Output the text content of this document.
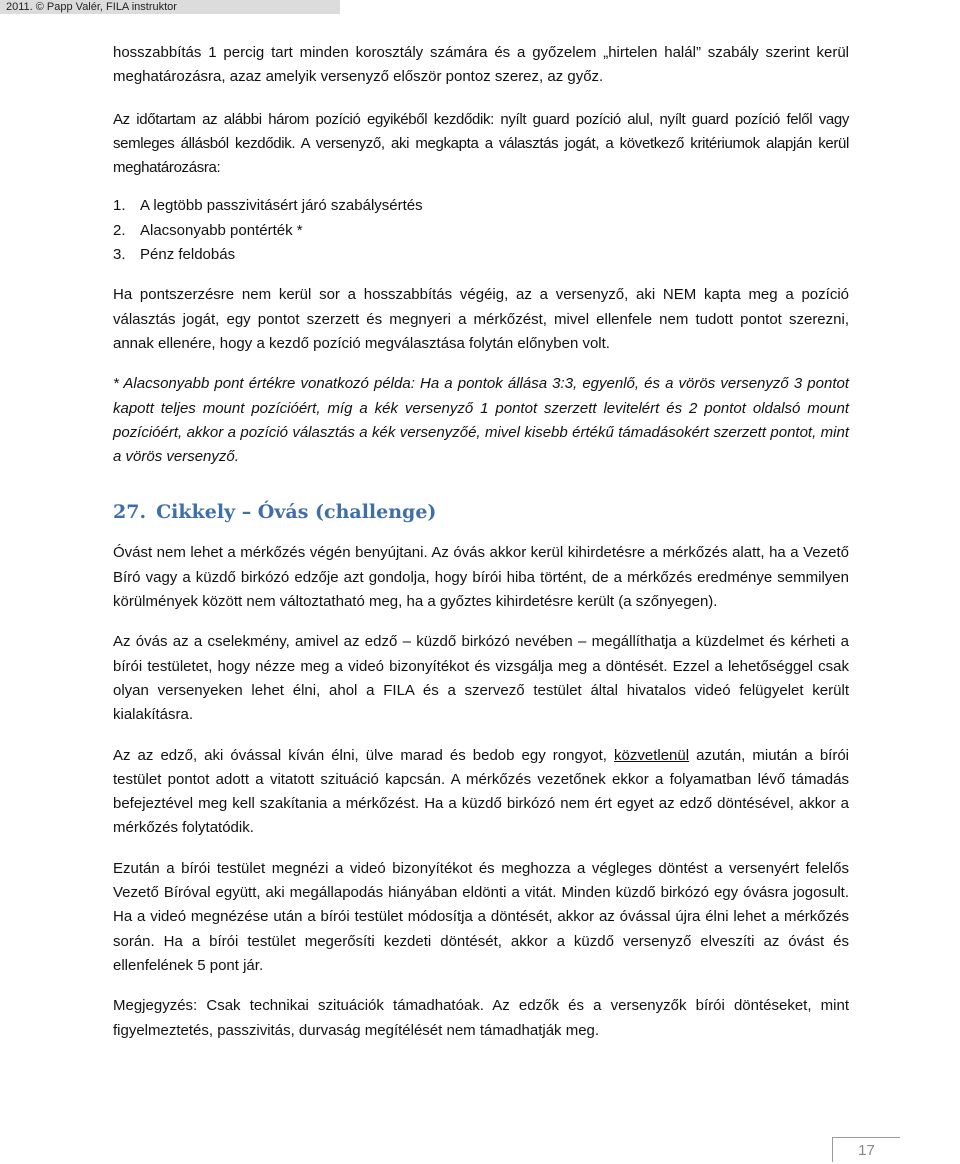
2011. © Papp Valér, FILA instruktor

hosszabbítás 1 percig tart minden korosztály számára és a győzelem „hirtelen halál” szabály szerint kerül meghatározásra, azaz amelyik versenyző először pontoz szerez, az győz.

Az időtartam az alábbi három pozíció egyikéből kezdődik: nyílt guard pozíció alul, nyílt guard pozíció felől vagy semleges állásból kezdődik. A versenyző, aki megkapta a választás jogát, a következő kritériumok alapján kerül meghatározásra:

1. A legtöbb passzivitásért járó szabálysértés
2. Alacsonyabb pontérték *
3. Pénz feldobás

Ha pontszerzésre nem kerül sor a hosszabbítás végéig, az a versenyző, aki NEM kapta meg a pozíció választás jogát, egy pontot szerzett és megnyeri a mérkőzést, mivel ellenfele nem tudott pontot szerezni, annak ellenére, hogy a kezdő pozíció megválasztása folytán előnyben volt.

* Alacsonyabb pont értékre vonatkozó példa: Ha a pontok állása 3:3, egyenlő, és a vörös versenyző 3 pontot kapott teljes mount pozícióért, míg a kék versenyző 1 pontot szerzett levitelért és 2 pontot oldalsó mount pozícióért, akkor a pozíció választás a kék versenyzőé, mivel kisebb értékű támadásokért szerzett pontot, mint a vörös versenyző.

27. Cikkely – Óvás (challenge)

Óvást nem lehet a mérkőzés végén benyújtani. Az óvás akkor kerül kihirdetésre a mérkőzés alatt, ha a Vezető Bíró vagy a küzdő birkózó edzője azt gondolja, hogy bírói hiba történt, de a mérkőzés eredménye semmilyen körülmények között nem változtatható meg, ha a győztes kihirdetésre került (a szőnyegen).

Az óvás az a cselekmény, amivel az edző – küzdő birkózó nevében – megállíthatja a küzdelmet és kérheti a bírói testületet, hogy nézze meg a videó bizonyítékot és vizsgálja meg a döntését. Ezzel a lehetőséggel csak olyan versenyeken lehet élni, ahol a FILA és a szervező testület által hivatalos videó felügyelet került kialakításra.

Az az edző, aki óvással kíván élni, ülve marad és bedob egy rongyot, közvetlenül azután, miután a bírói testület pontot adott a vitatott szituáció kapcsán. A mérkőzés vezetőnek ekkor a folyamatban lévő támadás befejeztével meg kell szakítania a mérkőzést. Ha a küzdő birkózó nem ért egyet az edző döntésével, akkor a mérkőzés folytatódik.

Ezután a bírói testület megnézi a videó bizonyítékot és meghozza a végleges döntést a versenyért felelős Vezető Bíróval együtt, aki megállapodás hiányában eldönti a vitát. Minden küzdő birkózó egy óvásra jogosult. Ha a videó megnézése után a bírói testület módosítja a döntését, akkor az óvással újra élni lehet a mérkőzés során. Ha a bírói testület megerősíti kezdeti döntését, akkor a küzdő versenyző elveszíti az óvást és ellenfelének 5 pont jár.

Megjegyzés: Csak technikai szituációk támadhatóak. Az edzők és a versenyzők bírói döntéseket, mint figyelmeztetés, passzivitás, durvaság megítélését nem támadhatják meg.

17
